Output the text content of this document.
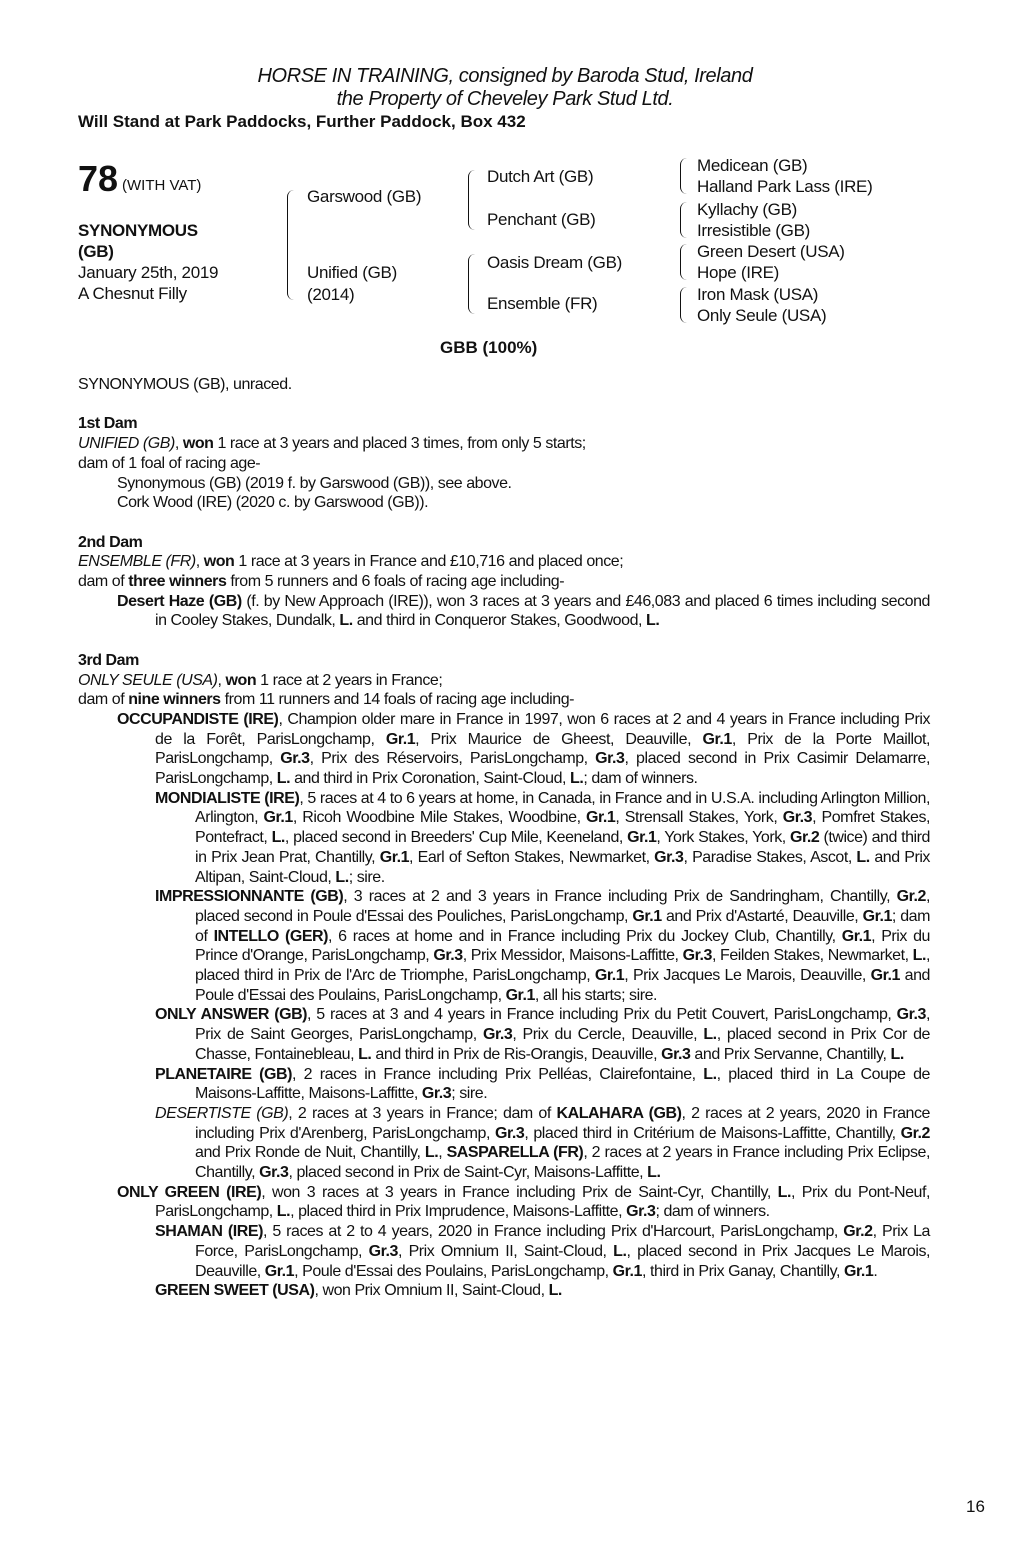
HORSE IN TRAINING, consigned by Baroda Stud, Ireland
the Property of Cheveley Park Stud Ltd.
Will Stand at Park Paddocks, Further Paddock, Box 432
78 (WITH VAT)
SYNONYMOUS
(GB)
January 25th, 2019
A Chesnut Filly
Garswood (GB)
Unified (GB)
(2014)
Dutch Art (GB)
Penchant (GB)
Oasis Dream (GB)
Ensemble (FR)
Medicean (GB)
Halland Park Lass (IRE)
Kyllachy (GB)
Irresistible (GB)
Green Desert (USA)
Hope (IRE)
Iron Mask (USA)
Only Seule (USA)
GBB (100%)
SYNONYMOUS (GB), unraced.
1st Dam
UNIFIED (GB), won 1 race at 3 years and placed 3 times, from only 5 starts;
dam of 1 foal of racing age-
Synonymous (GB) (2019 f. by Garswood (GB)), see above.
Cork Wood (IRE) (2020 c. by Garswood (GB)).
2nd Dam
ENSEMBLE (FR), won 1 race at 3 years in France and £10,716 and placed once;
dam of three winners from 5 runners and 6 foals of racing age including-
Desert Haze (GB) (f. by New Approach (IRE)), won 3 races at 3 years and £46,083 and placed 6 times including second in Cooley Stakes, Dundalk, L. and third in Conqueror Stakes, Goodwood, L.
3rd Dam
ONLY SEULE (USA), won 1 race at 2 years in France;
dam of nine winners from 11 runners and 14 foals of racing age including-
OCCUPANDISTE (IRE), Champion older mare in France in 1997, won 6 races at 2 and 4 years in France including Prix de la Forêt, ParisLongchamp, Gr.1, Prix Maurice de Gheest, Deauville, Gr.1, Prix de la Porte Maillot, ParisLongchamp, Gr.3, Prix des Réservoirs, ParisLongchamp, Gr.3, placed second in Prix Casimir Delamarre, ParisLongchamp, L. and third in Prix Coronation, Saint-Cloud, L.; dam of winners.
MONDIALISTE (IRE), 5 races at 4 to 6 years at home, in Canada, in France and in U.S.A. including Arlington Million, Arlington, Gr.1, Ricoh Woodbine Mile Stakes, Woodbine, Gr.1, Strensall Stakes, York, Gr.3, Pomfret Stakes, Pontefract, L., placed second in Breeders' Cup Mile, Keeneland, Gr.1, York Stakes, York, Gr.2 (twice) and third in Prix Jean Prat, Chantilly, Gr.1, Earl of Sefton Stakes, Newmarket, Gr.3, Paradise Stakes, Ascot, L. and Prix Altipan, Saint-Cloud, L.; sire.
IMPRESSIONNANTE (GB), 3 races at 2 and 3 years in France including Prix de Sandringham, Chantilly, Gr.2, placed second in Poule d'Essai des Pouliches, ParisLongchamp, Gr.1 and Prix d'Astarté, Deauville, Gr.1; dam of INTELLO (GER), 6 races at home and in France including Prix du Jockey Club, Chantilly, Gr.1, Prix du Prince d'Orange, ParisLongchamp, Gr.3, Prix Messidor, Maisons-Laffitte, Gr.3, Feilden Stakes, Newmarket, L., placed third in Prix de l'Arc de Triomphe, ParisLongchamp, Gr.1, Prix Jacques Le Marois, Deauville, Gr.1 and Poule d'Essai des Poulains, ParisLongchamp, Gr.1, all his starts; sire.
ONLY ANSWER (GB), 5 races at 3 and 4 years in France including Prix du Petit Couvert, ParisLongchamp, Gr.3, Prix de Saint Georges, ParisLongchamp, Gr.3, Prix du Cercle, Deauville, L., placed second in Prix Cor de Chasse, Fontainebleau, L. and third in Prix de Ris-Orangis, Deauville, Gr.3 and Prix Servanne, Chantilly, L.
PLANETAIRE (GB), 2 races in France including Prix Pelléas, Clairefontaine, L., placed third in La Coupe de Maisons-Laffitte, Maisons-Laffitte, Gr.3; sire.
DESERTISTE (GB), 2 races at 3 years in France; dam of KALAHARA (GB), 2 races at 2 years, 2020 in France including Prix d'Arenberg, ParisLongchamp, Gr.3, placed third in Critérium de Maisons-Laffitte, Chantilly, Gr.2 and Prix Ronde de Nuit, Chantilly, L., SASPARELLA (FR), 2 races at 2 years in France including Prix Eclipse, Chantilly, Gr.3, placed second in Prix de Saint-Cyr, Maisons-Laffitte, L.
ONLY GREEN (IRE), won 3 races at 3 years in France including Prix de Saint-Cyr, Chantilly, L., Prix du Pont-Neuf, ParisLongchamp, L., placed third in Prix Imprudence, Maisons-Laffitte, Gr.3; dam of winners.
SHAMAN (IRE), 5 races at 2 to 4 years, 2020 in France including Prix d'Harcourt, ParisLongchamp, Gr.2, Prix La Force, ParisLongchamp, Gr.3, Prix Omnium II, Saint-Cloud, L., placed second in Prix Jacques Le Marois, Deauville, Gr.1, Poule d'Essai des Poulains, ParisLongchamp, Gr.1, third in Prix Ganay, Chantilly, Gr.1.
GREEN SWEET (USA), won Prix Omnium II, Saint-Cloud, L.
16
